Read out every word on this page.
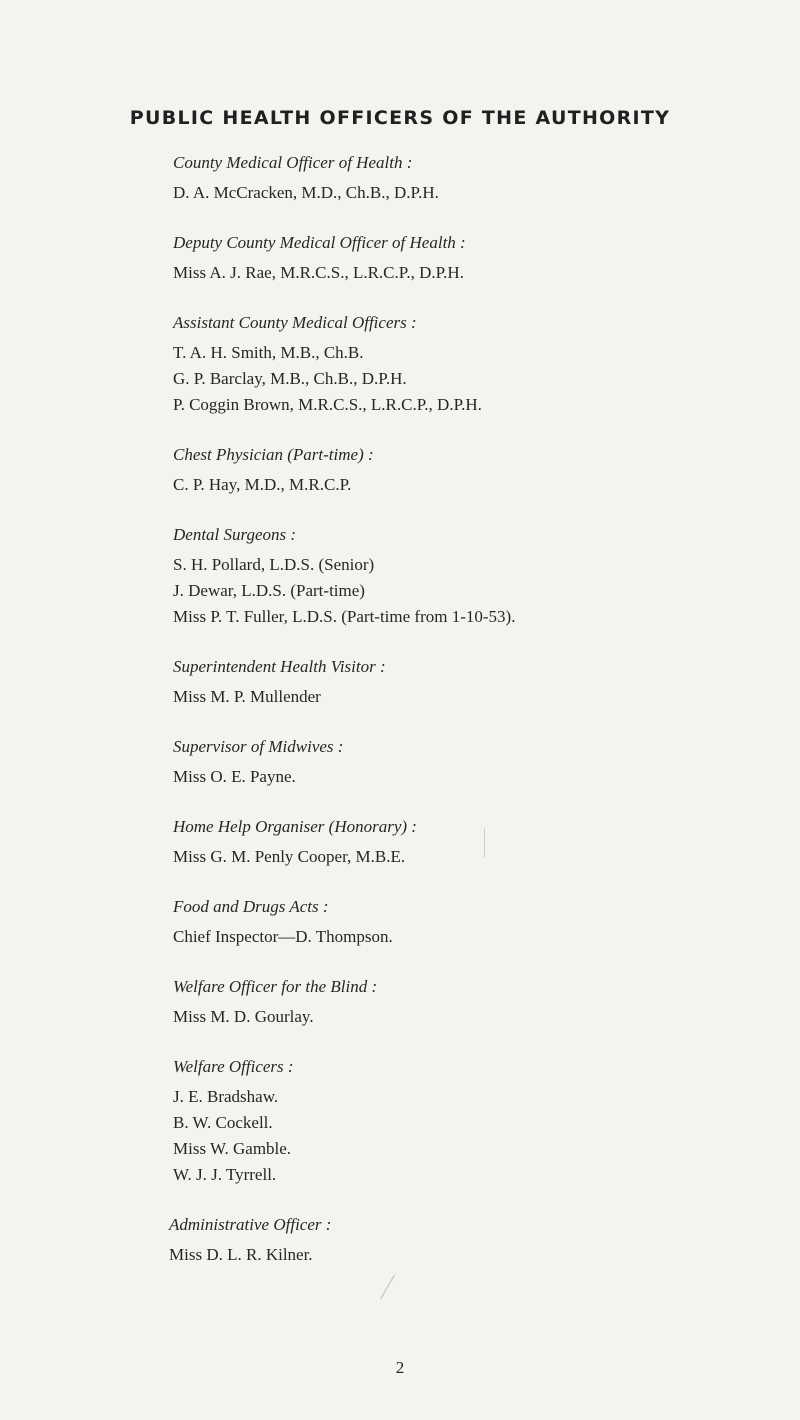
PUBLIC HEALTH OFFICERS OF THE AUTHORITY

County Medical Officer of Health :

D. A. McCracken, M.D., Ch.B., D.P.H.

Deputy County Medical Officer of Health :

Miss A. J. Rae, M.R.C.S., L.R.C.P., D.P.H.

Assistant County Medical Officers :

T. A. H. Smith, M.B., Ch.B.

G. P. Barclay, M.B., Ch.B., D.P.H.

P. Coggin Brown, M.R.C.S., L.R.C.P., D.P.H.

Chest Physician (Part-time) :

C. P. Hay, M.D., M.R.C.P.

Dental Surgeons :

S. H. Pollard, L.D.S. (Senior)

J. Dewar, L.D.S. (Part-time)

Miss P. T. Fuller, L.D.S. (Part-time from 1-10-53).

Superintendent Health Visitor :

Miss M. P. Mullender

Supervisor of Midwives :

Miss O. E. Payne.

Home Help Organiser (Honorary) :

Miss G. M. Penly Cooper, M.B.E.

Food and Drugs Acts :

Chief Inspector—D. Thompson.

Welfare Officer for the Blind :

Miss M. D. Gourlay.

Welfare Officers :

J. E. Bradshaw.

B. W. Cockell.

Miss W. Gamble.

W. J. J. Tyrrell.

Administrative Officer :

Miss D. L. R. Kilner.

2
